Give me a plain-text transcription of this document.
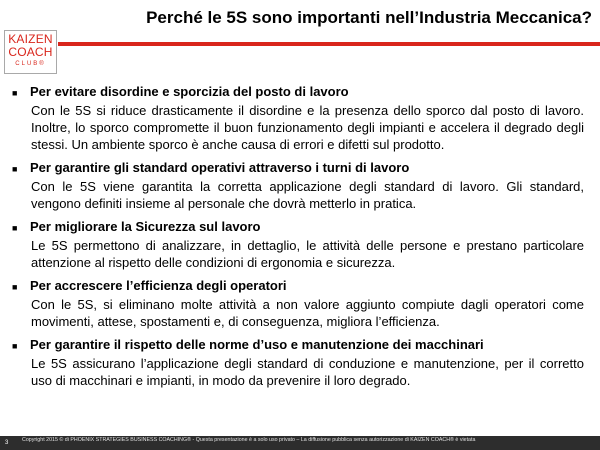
KAIZEN
COACH
CLUB®
Perché le 5S sono importanti nell’Industria Meccanica?
■ Per evitare disordine e sporcizia del posto di lavoro
Con le 5S si riduce drasticamente il disordine e la presenza dello sporco dal posto di lavoro. Inoltre, lo sporco compromette il buon funzionamento degli impianti e accelera il degrado degli stessi. Un ambiente sporco è anche causa di errori e difetti sul prodotto.
■ Per garantire gli standard operativi attraverso i turni di lavoro
Con le 5S viene garantita la corretta applicazione degli standard di lavoro. Gli standard, vengono definiti insieme al personale che dovrà metterlo in pratica.
■ Per migliorare la Sicurezza sul lavoro
Le 5S permettono di analizzare, in dettaglio, le attività delle persone e prestano particolare attenzione al rispetto delle condizioni di ergonomia e sicurezza.
■ Per accrescere l’efficienza degli operatori
Con le 5S, si eliminano molte attività a non valore aggiunto compiute dagli operatori come movimenti, attese, spostamenti e, di conseguenza, migliora l’efficienza.
■ Per garantire il rispetto delle norme d’uso e manutenzione dei macchinari
Le 5S assicurano l’applicazione degli standard di conduzione e manutenzione, per il corretto uso di macchinari e impianti, in modo da prevenire il loro degrado.
3	Copyright 2015 © di PHOENIX STRATEGIES BUSINESS COACHING® - Questa presentazione è a solo uso privato – La diffusione pubblica senza autorizzazione di KAIZEN COACH® è vietata
